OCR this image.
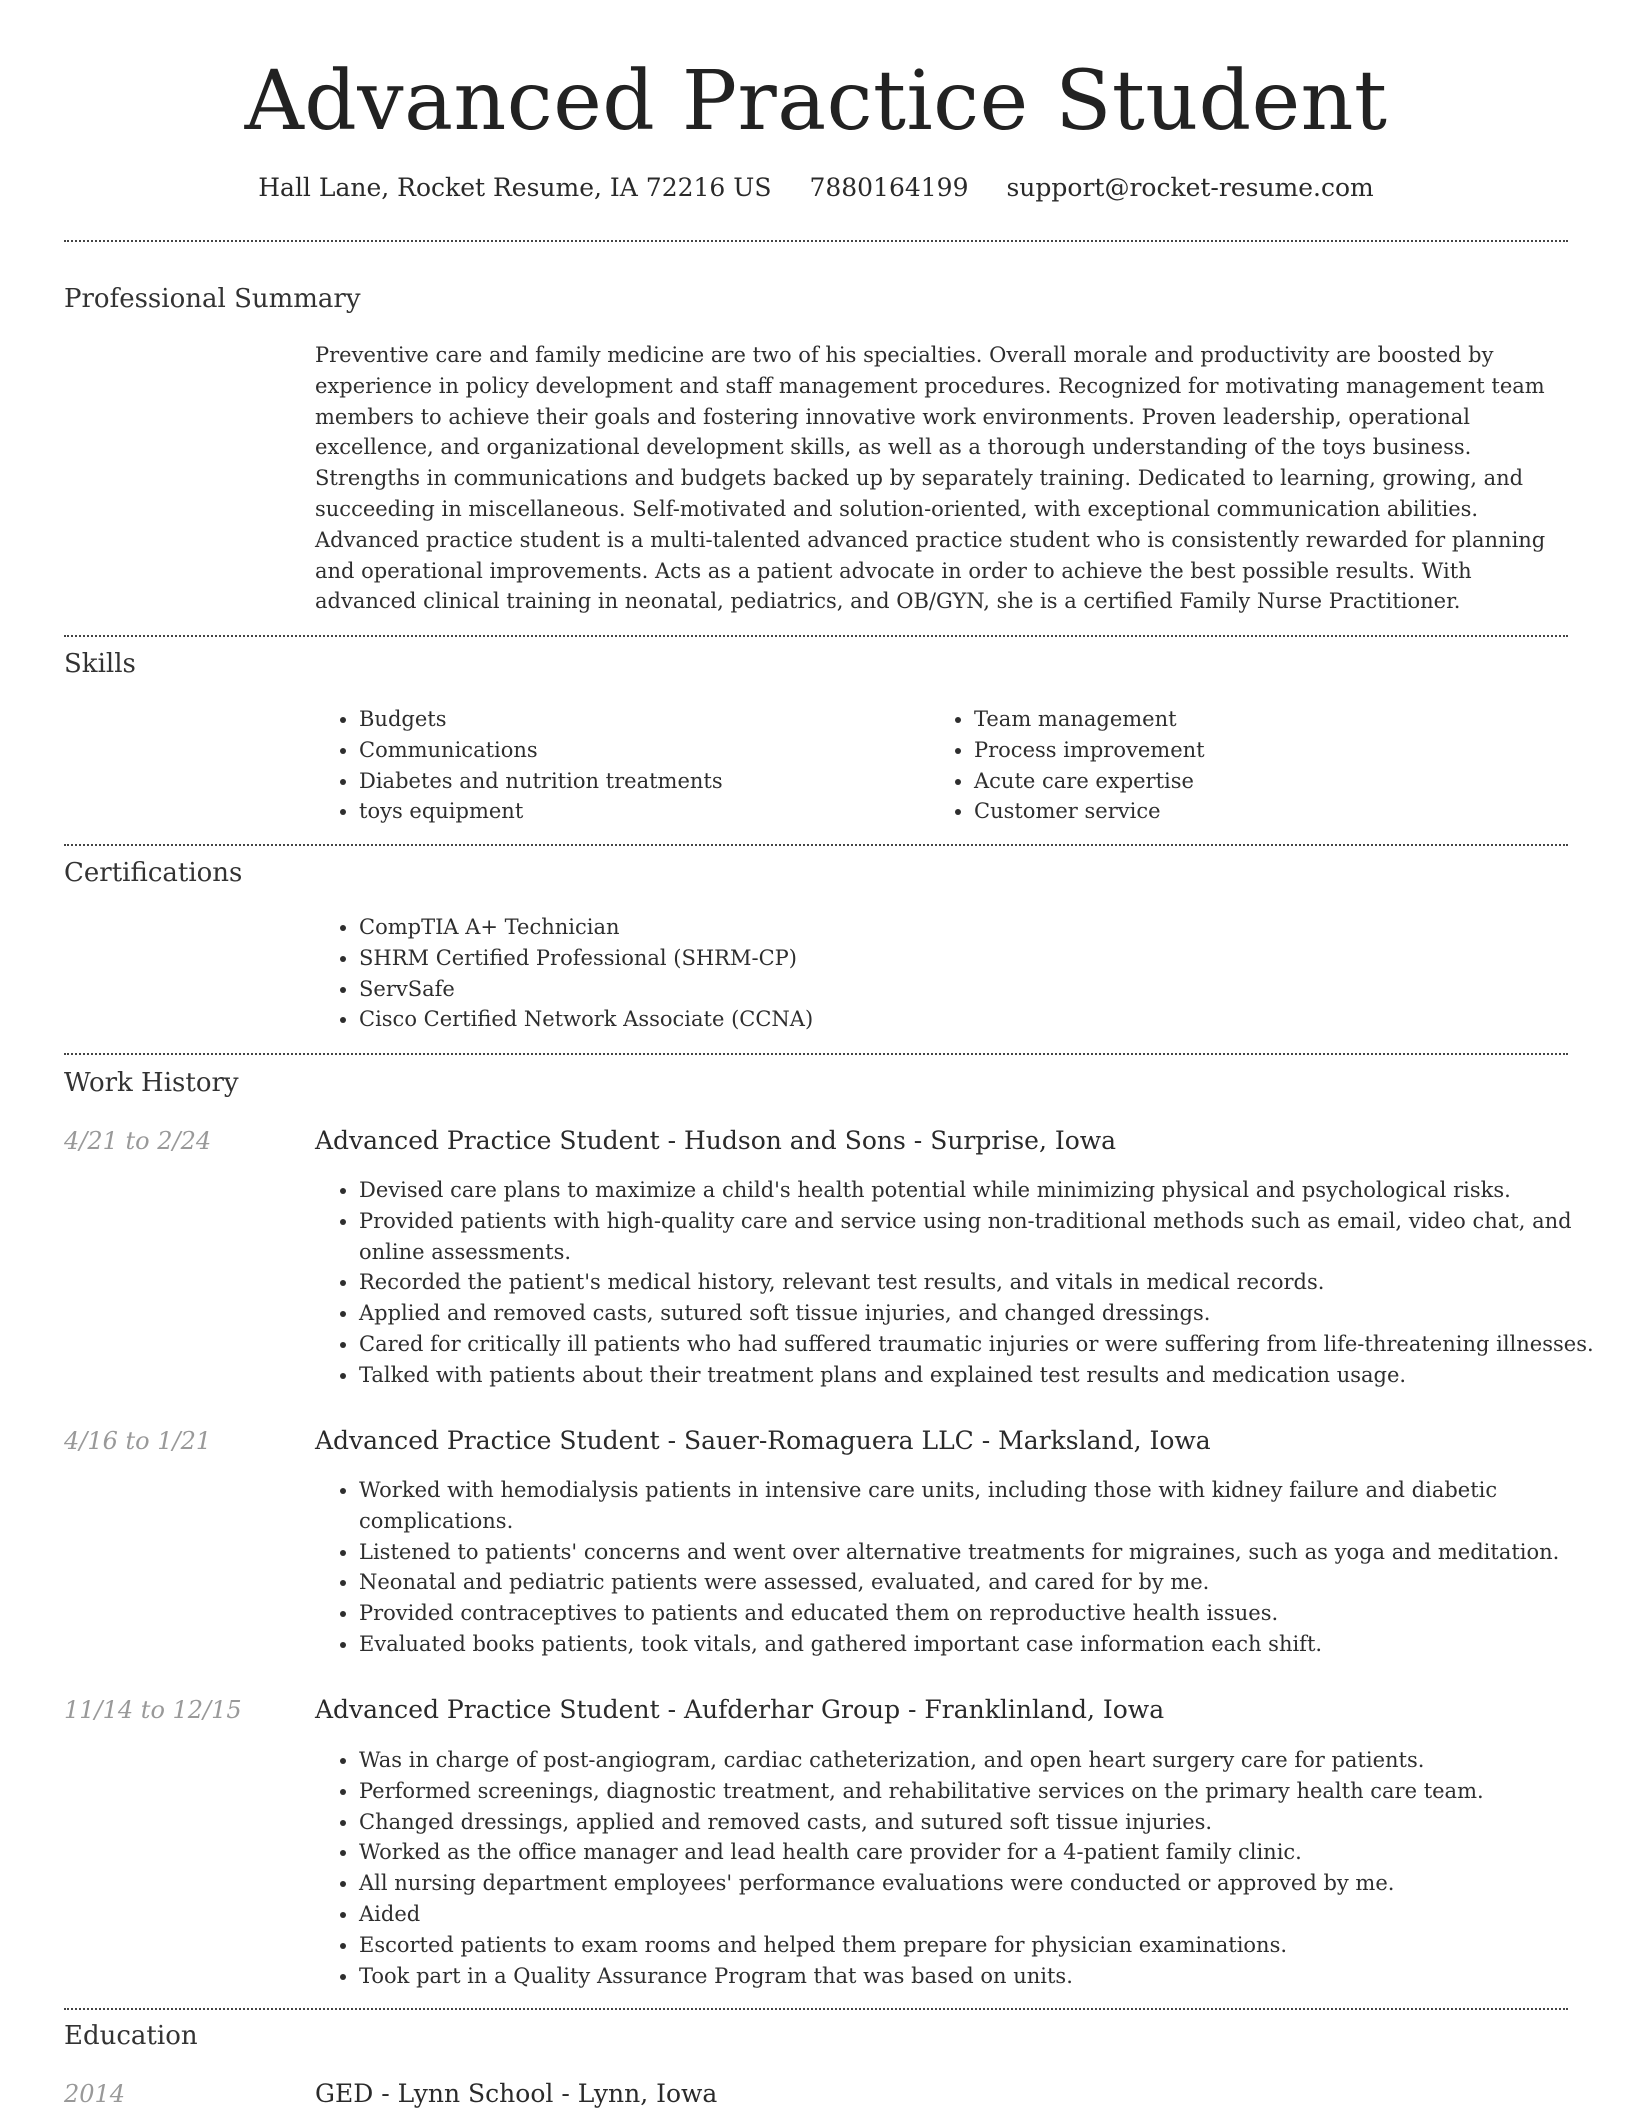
Advanced Practice Student
Hall Lane, Rocket Resume, IA 72216 US 7880164199 support@rocket-resume.com
Professional Summary

Preventive care and family medicine are two of his specialties. Overall morale and productivity are boosted by experience in policy development and staff management procedures. Recognized for motivating management team members to achieve their goals and fostering innovative work environments. Proven leadership, operational excellence, and organizational development skills, as well as a thorough understanding of the toys business. Strengths in communications and budgets backed up by separately training. Dedicated to learning, growing, and succeeding in miscellaneous. Self-motivated and solution-oriented, with exceptional communication abilities. Advanced practice student is a multi-talented advanced practice student who is consistently rewarded for planning and operational improvements. Acts as a patient advocate in order to achieve the best possible results. With advanced clinical training in neonatal, pediatrics, and OB/GYN, she is a certified Family Nurse Practitioner.

Skills
• Budgets
• Communications
• Diabetes and nutrition treatments
• toys equipment
• Team management
• Process improvement
• Acute care expertise
• Customer service
Certifications
• CompTIA A+ Technician
• SHRM Certified Professional (SHRM-CP)
• ServSafe
• Cisco Certified Network Associate (CCNA)
Work History
4/21 to 2/24	Advanced Practice Student - Hudson and Sons - Surprise, Iowa
• Devised care plans to maximize a child's health potential while minimizing physical and psychological risks.
• Provided patients with high-quality care and service using non-traditional methods such as email, video chat, and online assessments.
• Recorded the patient's medical history, relevant test results, and vitals in medical records.
• Applied and removed casts, sutured soft tissue injuries, and changed dressings.
• Cared for critically ill patients who had suffered traumatic injuries or were suffering from life-threatening illnesses.
• Talked with patients about their treatment plans and explained test results and medication usage.
4/16 to 1/21	Advanced Practice Student - Sauer-Romaguera LLC - Marksland, Iowa
• Worked with hemodialysis patients in intensive care units, including those with kidney failure and diabetic complications.
• Listened to patients' concerns and went over alternative treatments for migraines, such as yoga and meditation.
• Neonatal and pediatric patients were assessed, evaluated, and cared for by me.
• Provided contraceptives to patients and educated them on reproductive health issues.
• Evaluated books patients, took vitals, and gathered important case information each shift.
11/14 to 12/15	Advanced Practice Student - Aufderhar Group - Franklinland, Iowa
• Was in charge of post-angiogram, cardiac catheterization, and open heart surgery care for patients.
• Performed screenings, diagnostic treatment, and rehabilitative services on the primary health care team.
• Changed dressings, applied and removed casts, and sutured soft tissue injuries.
• Worked as the office manager and lead health care provider for a 4-patient family clinic.
• All nursing department employees' performance evaluations were conducted or approved by me.
• Aided
• Escorted patients to exam rooms and helped them prepare for physician examinations.
• Took part in a Quality Assurance Program that was based on units.
Education
2014	GED - Lynn School - Lynn, Iowa
